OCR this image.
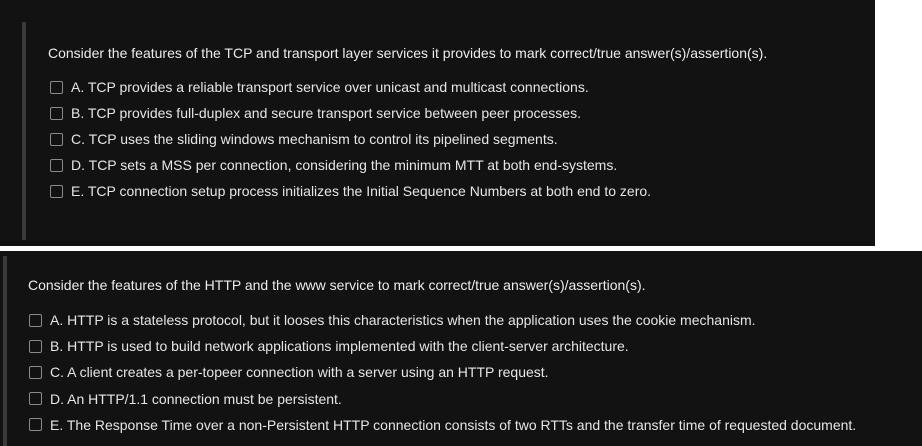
Consider the features of the TCP and transport layer services it provides to mark correct/true answer(s)/assertion(s).
A. TCP provides a reliable transport service over unicast and multicast connections.
B. TCP provides full-duplex and secure transport service between peer processes.
C. TCP uses the sliding windows mechanism to control its pipelined segments.
D. TCP sets a MSS per connection, considering the minimum MTT at both end-systems.
E. TCP connection setup process initializes the Initial Sequence Numbers at both end to zero.
Consider the features of the HTTP and the www service to mark correct/true answer(s)/assertion(s).
A. HTTP is a stateless protocol, but it looses this characteristics when the application uses the cookie mechanism.
B. HTTP is used to build network applications implemented with the client-server architecture.
C. A client creates a per-topeer connection with a server using an HTTP request.
D. An HTTP/1.1 connection must be persistent.
E. The Response Time over a non-Persistent HTTP connection consists of two RTTs and the transfer time of requested document.
